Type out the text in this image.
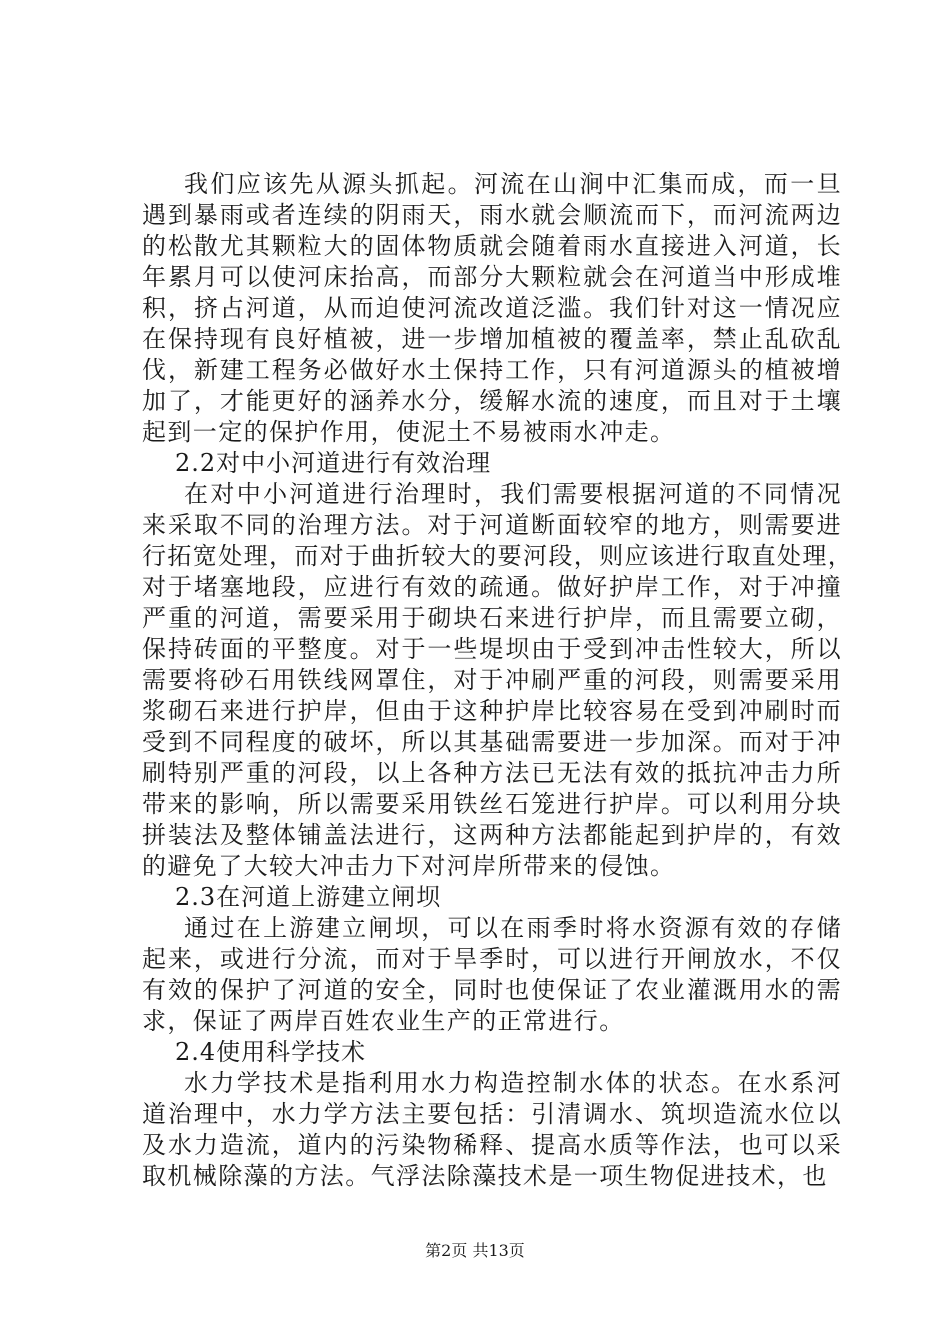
我们应该先从源头抓起。河流在山涧中汇集而成，而一旦
遇到暴雨或者连续的阴雨天，雨水就会顺流而下，而河流两边
的松散尤其颗粒大的固体物质就会随着雨水直接进入河道，长
年累月可以使河床抬高，而部分大颗粒就会在河道当中形成堆
积，挤占河道，从而迫使河流改道泛滥。我们针对这一情况应
在保持现有良好植被，进一步增加植被的覆盖率，禁止乱砍乱
伐，新建工程务必做好水土保持工作，只有河道源头的植被增
加了，才能更好的涵养水分，缓解水流的速度，而且对于土壤
起到一定的保护作用，使泥土不易被雨水冲走。
2.2对中小河道进行有效治理
在对中小河道进行治理时，我们需要根据河道的不同情况
来采取不同的治理方法。对于河道断面较窄的地方，则需要进
行拓宽处理，而对于曲折较大的要河段，则应该进行取直处理，
对于堵塞地段，应进行有效的疏通。做好护岸工作，对于冲撞
严重的河道，需要采用于砌块石来进行护岸，而且需要立砌，
保持砖面的平整度。对于一些堤坝由于受到冲击性较大，所以
需要将砂石用铁线网罩住，对于冲刷严重的河段，则需要采用
浆砌石来进行护岸，但由于这种护岸比较容易在受到冲刷时而
受到不同程度的破坏，所以其基础需要进一步加深。而对于冲
刷特别严重的河段，以上各种方法已无法有效的抵抗冲击力所
带来的影响，所以需要采用铁丝石笼进行护岸。可以利用分块
拼装法及整体铺盖法进行，这两种方法都能起到护岸的，有效
的避免了大较大冲击力下对河岸所带来的侵蚀。
2.3在河道上游建立闸坝
通过在上游建立闸坝，可以在雨季时将水资源有效的存储
起来，或进行分流，而对于旱季时，可以进行开闸放水，不仅
有效的保护了河道的安全，同时也使保证了农业灌溉用水的需
求，保证了两岸百姓农业生产的正常进行。
2.4使用科学技术
水力学技术是指利用水力构造控制水体的状态。在水系河
道治理中，水力学方法主要包括：引清调水、筑坝造流水位以
及水力造流，道内的污染物稀释、提高水质等作法，也可以采
取机械除藻的方法。气浮法除藻技术是一项生物促进技术，也
第2页 共13页
